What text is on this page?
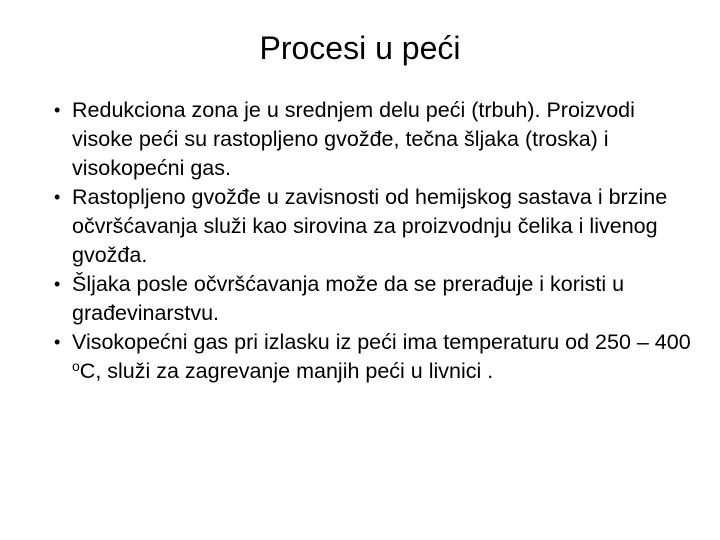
Procesi u peći
• Redukciona zona je u srednjem delu peći (trbuh). Proizvodi visoke peći su rastopljeno gvožđe, tečna šljaka (troska) i visokopećni gas.
• Rastopljeno gvožđe u zavisnosti od hemijskog sastava i brzine očvršćavanja služi kao sirovina za proizvodnju čelika i livenog gvožđa.
• Šljaka posle očvršćavanja može da se prerađuje i koristi u građevinarstvu.
• Visokopećni gas pri izlasku iz peći ima temperaturu od 250 – 400 $^o$C, služi za zagrevanje manjih peći u livnici .
